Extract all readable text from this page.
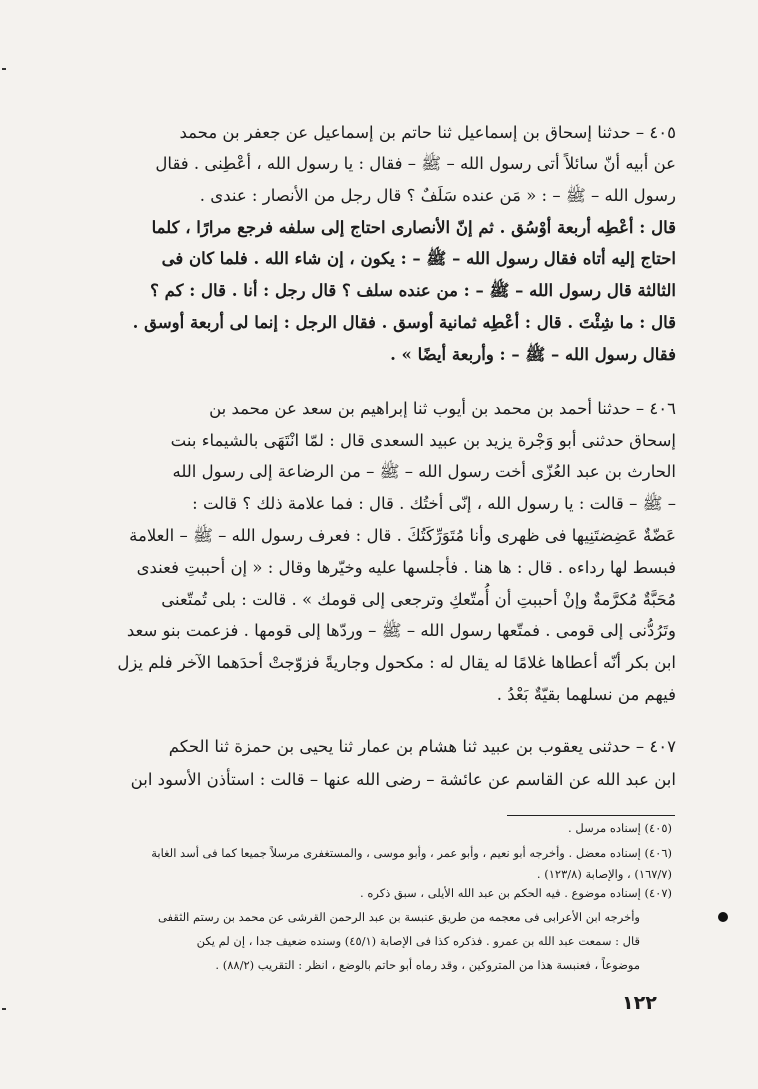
٤٠٥ – حدثنا إسحاق بن إسماعيل ثنا حاتم بن إسماعيل عن جعفر بن محمد
عن أبيه أنّ سائلاً أتى رسول الله – ﷺ – فقال : يا رسول الله ، أعْطِنى . فقال
رسول الله – ﷺ – : « مَن عنده سَلَفٌ ؟ قال رجل من الأنصار : عندى .
قال : أعْطِه أربعة أوْسُق . ثم إنّ الأنصارى احتاج إلى سلفه فرجع مرارًا ، كلما
احتاج إليه أتاه فقال رسول الله – ﷺ – : يكون ، إن شاء الله . فلما كان فى
الثالثة قال رسول الله – ﷺ – : من عنده سلف ؟ قال رجل : أنا . قال : كم ؟
قال : ما شِئْتَ . قال : أعْطِه ثمانية أوسق . فقال الرجل : إنما لى أربعة أوسق .
فقال رسول الله – ﷺ – : وأربعة أيضًا » .
٤٠٦ – حدثنا أحمد بن محمد بن أيوب ثنا إبراهيم بن سعد عن محمد بن
إسحاق حدثنى أبو وَجْرة يزيد بن عبيد السعدى قال : لمّا انْتَهَى بالشيماء بنت
الحارث بن عبد العُزّى أخت رسول الله – ﷺ – من الرضاعة إلى رسول الله
– ﷺ – قالت : يا رسول الله ، إنّى أختُك . قال : فما علامة ذلك ؟ قالت :
عَضّةٌ عَضِضتَنِيها فى ظهرى وأنا مُتَوَرِّكَتُكَ . قال : فعرف رسول الله – ﷺ – العلامة
فبسط لها رداءه . قال : ها هنا . فأجلسها عليه وخيّرها وقال : « إن أحببتِ فعندى
مُحَبَّةٌ مُكرَّمةٌ وإنْ أحببتِ أن أُمتّعكِ وترجعى إلى قومك » . قالت : بلى تُمتّعنى
وتَرُدُّنى إلى قومى . فمتّعها رسول الله – ﷺ – وردّها إلى قومها . فزعمت بنو سعد
ابن بكر أنّه أعطاها غلامًا له يقال له : مكحول وجاريةً فزوّجتْ أحدَهما الآخر فلم يزل
فيهم من نسلهما بقيّةٌ بَعْدُ .
٤٠٧ – حدثنى يعقوب بن عبيد ثنا هشام بن عمار ثنا يحيى بن حمزة ثنا الحكم
ابن عبد الله عن القاسم عن عائشة – رضى الله عنها – قالت : استأذن الأسود ابن
(٤٠٥) إسناده مرسل .
(٤٠٦) إسناده معضل . وأخرجه أبو نعيم ، وأبو عمر ، وأبو موسى ، والمستغفرى مرسلاً جميعا كما فى أسد الغابة
(١٦٧/٧) ، والإصابة (١٢٣/٨) .
(٤٠٧) إسناده موضوع . فيه الحكم بن عبد الله الأيلى ، سبق ذكره .
وأخرجه ابن الأعرابى فى معجمه من طريق عنبسة بن عبد الرحمن القرشى عن محمد بن رستم الثقفى
قال : سمعت عبد الله بن عمرو . فذكره كذا فى الإصابة (٤٥/١) وسنده ضعيف جدا ، إن لم يكن
موضوعاً ، فعنبسة هذا من المتروكين ، وقد رماه أبو حاتم بالوضع ، انظر : التقريب (٨٨/٢) .
١٢٢
